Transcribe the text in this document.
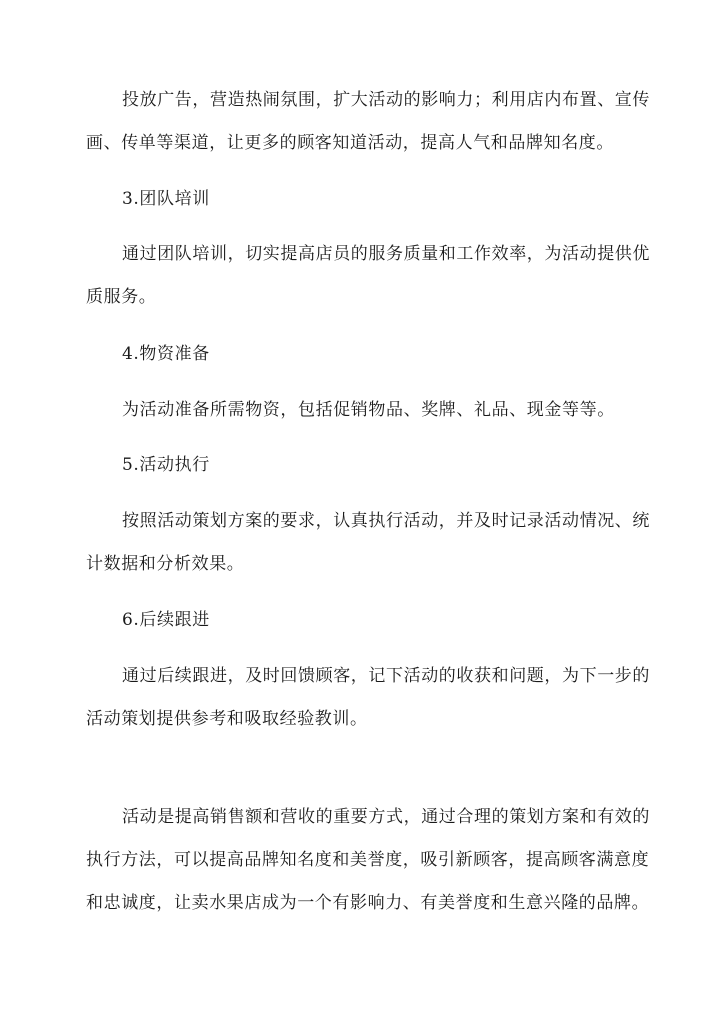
投放广告，营造热闹氛围，扩大活动的影响力；利用店内布置、宣传
画、传单等渠道，让更多的顾客知道活动，提高人气和品牌知名度。
3.团队培训
通过团队培训，切实提高店员的服务质量和工作效率，为活动提供优
质服务。
4.物资准备
为活动准备所需物资，包括促销物品、奖牌、礼品、现金等等。
5.活动执行
按照活动策划方案的要求，认真执行活动，并及时记录活动情况、统
计数据和分析效果。
6.后续跟进
通过后续跟进，及时回馈顾客，记下活动的收获和问题，为下一步的
活动策划提供参考和吸取经验教训。
活动是提高销售额和营收的重要方式，通过合理的策划方案和有效的
执行方法，可以提高品牌知名度和美誉度，吸引新顾客，提高顾客满意度
和忠诚度，让卖水果店成为一个有影响力、有美誉度和生意兴隆的品牌。
